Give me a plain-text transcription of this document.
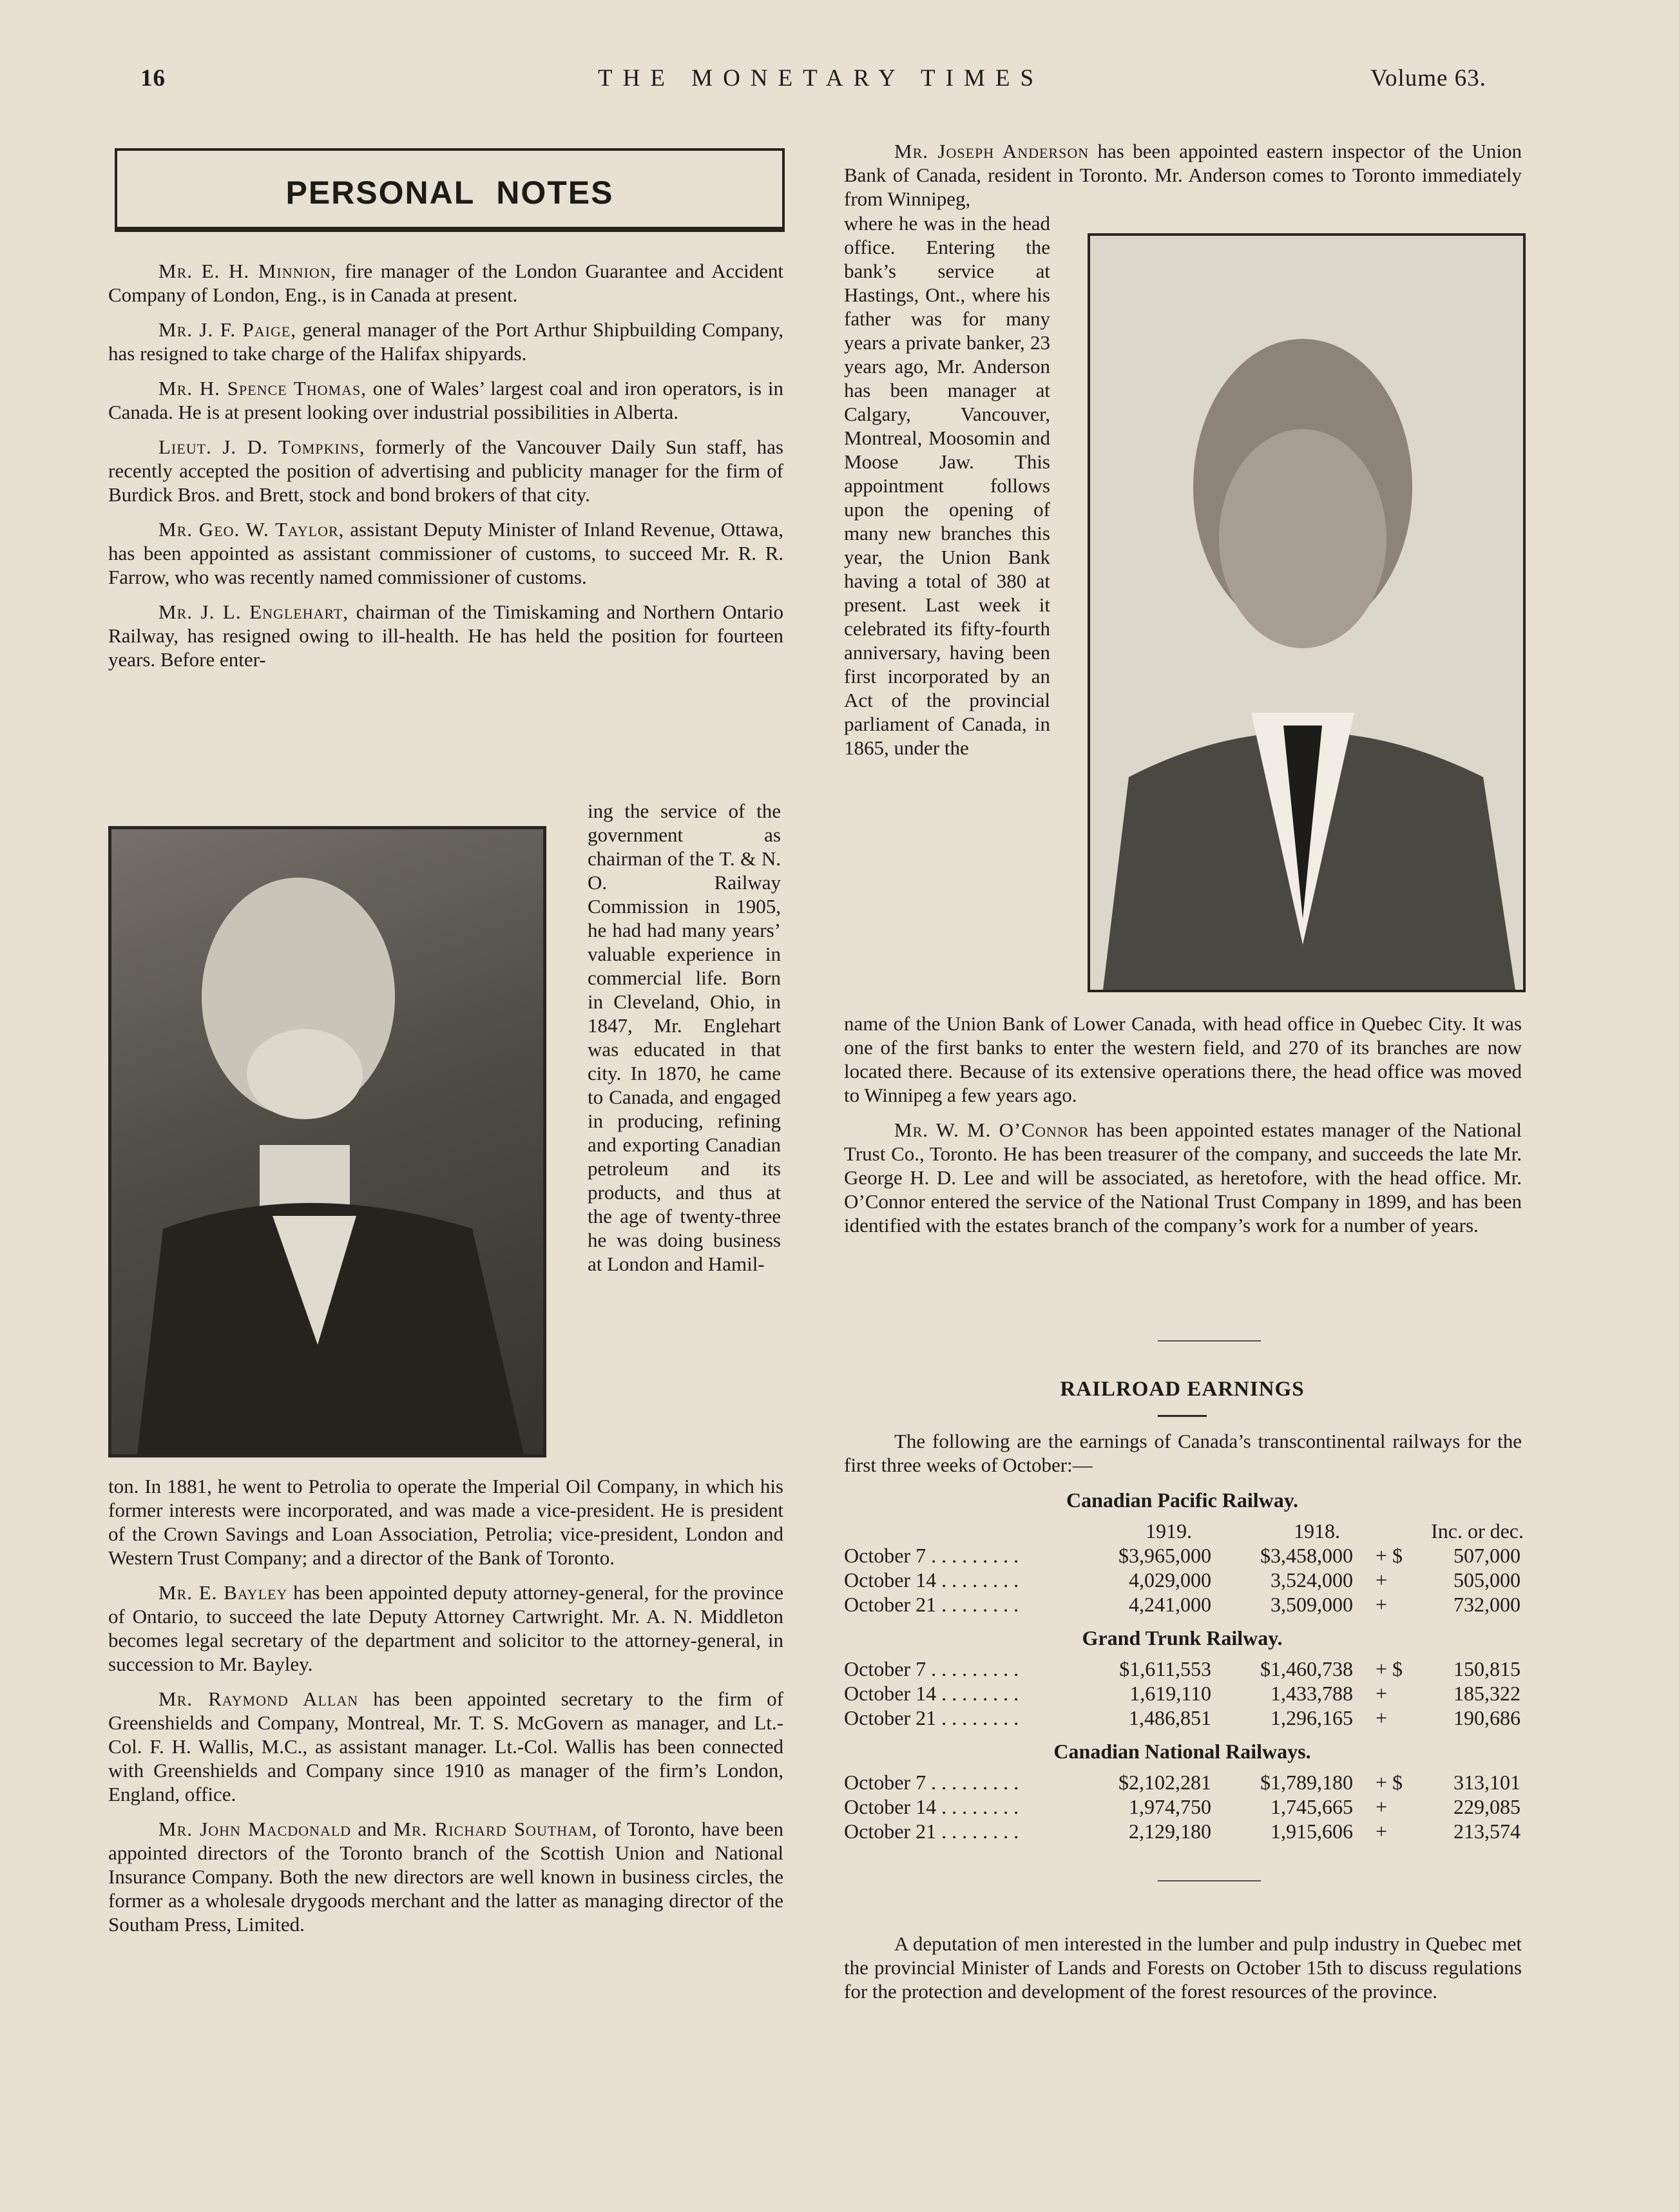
16	THE MONETARY TIMES	Volume 63.
PERSONAL NOTES

Mr. E. H. Minnion, fire manager of the London Guarantee and Accident Company of London, Eng., is in Canada at present.

Mr. J. F. Paige, general manager of the Port Arthur Shipbuilding Company, has resigned to take charge of the Halifax shipyards.

Mr. H. Spence Thomas, one of Wales’ largest coal and iron operators, is in Canada. He is at present looking over industrial possibilities in Alberta.

Lieut. J. D. Tompkins, formerly of the Vancouver Daily Sun staff, has recently accepted the position of advertising and publicity manager for the firm of Burdick Bros. and Brett, stock and bond brokers of that city.

Mr. Geo. W. Taylor, assistant Deputy Minister of Inland Revenue, Ottawa, has been appointed as assistant commissioner of customs, to succeed Mr. R. R. Farrow, who was recently named commissioner of customs.

Mr. J. L. Englehart, chairman of the Timiskaming and Northern Ontario Railway, has resigned owing to ill-health. He has held the position for fourteen years. Before enter-

ing the service of the government as chairman of the T. & N. O. Railway Commission in 1905, he had had many years’ valuable experience in commercial life. Born in Cleveland, Ohio, in 1847, Mr. Englehart was educated in that city. In 1870, he came to Canada, and engaged in producing, refining and exporting Canadian petroleum and its products, and thus at the age of twenty-three he was doing business at London and Hamil-

ton. In 1881, he went to Petrolia to operate the Imperial Oil Company, in which his former interests were incorporated, and was made a vice-president. He is president of the Crown Savings and Loan Association, Petrolia; vice-president, London and Western Trust Company; and a director of the Bank of Toronto.

Mr. E. Bayley has been appointed deputy attorney-general, for the province of Ontario, to succeed the late Deputy Attorney Cartwright. Mr. A. N. Middleton becomes legal secretary of the department and solicitor to the attorney-general, in succession to Mr. Bayley.

Mr. Raymond Allan has been appointed secretary to the firm of Greenshields and Company, Montreal, Mr. T. S. McGovern as manager, and Lt.-Col. F. H. Wallis, M.C., as assistant manager. Lt.-Col. Wallis has been connected with Greenshields and Company since 1910 as manager of the firm’s London, England, office.

Mr. John Macdonald and Mr. Richard Southam, of Toronto, have been appointed directors of the Toronto branch of the Scottish Union and National Insurance Company. Both the new directors are well known in business circles, the former as a wholesale drygoods merchant and the latter as managing director of the Southam Press, Limited.

Mr. Joseph Anderson has been appointed eastern inspector of the Union Bank of Canada, resident in Toronto. Mr. Anderson comes to Toronto immediately from Winnipeg,

where he was in the head office. Entering the bank’s service at Hastings, Ont., where his father was for many years a private banker, 23 years ago, Mr. Anderson has been manager at Calgary, Vancouver, Montreal, Moosomin and Moose Jaw. This appointment follows upon the opening of many new branches this year, the Union Bank having a total of 380 at present. Last week it celebrated its fifty-fourth anniversary, having been first incorporated by an Act of the provincial parliament of Canada, in 1865, under the

name of the Union Bank of Lower Canada, with head office in Quebec City. It was one of the first banks to enter the western field, and 270 of its branches are now located there. Because of its extensive operations there, the head office was moved to Winnipeg a few years ago.

Mr. W. M. O’Connor has been appointed estates manager of the National Trust Co., Toronto. He has been treasurer of the company, and succeeds the late Mr. George H. D. Lee and will be associated, as heretofore, with the head office. Mr. O’Connor entered the service of the National Trust Company in 1899, and has been identified with the estates branch of the company’s work for a number of years.

RAILROAD EARNINGS

The following are the earnings of Canada’s transcontinental railways for the first three weeks of October:—

Canadian Pacific Railway.
1919.	1918.	Inc. or dec.
October 7 . . . . . . . . .	$3,965,000	$3,458,000 + $	507,000
October 14 . . . . . . . .	4,029,000	3,524,000 +	505,000
October 21 . . . . . . . .	4,241,000	3,509,000 +	732,000
Grand Trunk Railway.
October 7 . . . . . . . . .	$1,611,553	$1,460,738 + $	150,815
October 14 . . . . . . . .	1,619,110	1,433,788 +	185,322
October 21 . . . . . . . .	1,486,851	1,296,165 +	190,686
Canadian National Railways.
October 7 . . . . . . . . .	$2,102,281	$1,789,180 + $	313,101
October 14 . . . . . . . .	1,974,750	1,745,665 +	229,085
October 21 . . . . . . . .	2,129,180	1,915,606 +	213,574

A deputation of men interested in the lumber and pulp industry in Quebec met the provincial Minister of Lands and Forests on October 15th to discuss regulations for the protection and development of the forest resources of the province.
